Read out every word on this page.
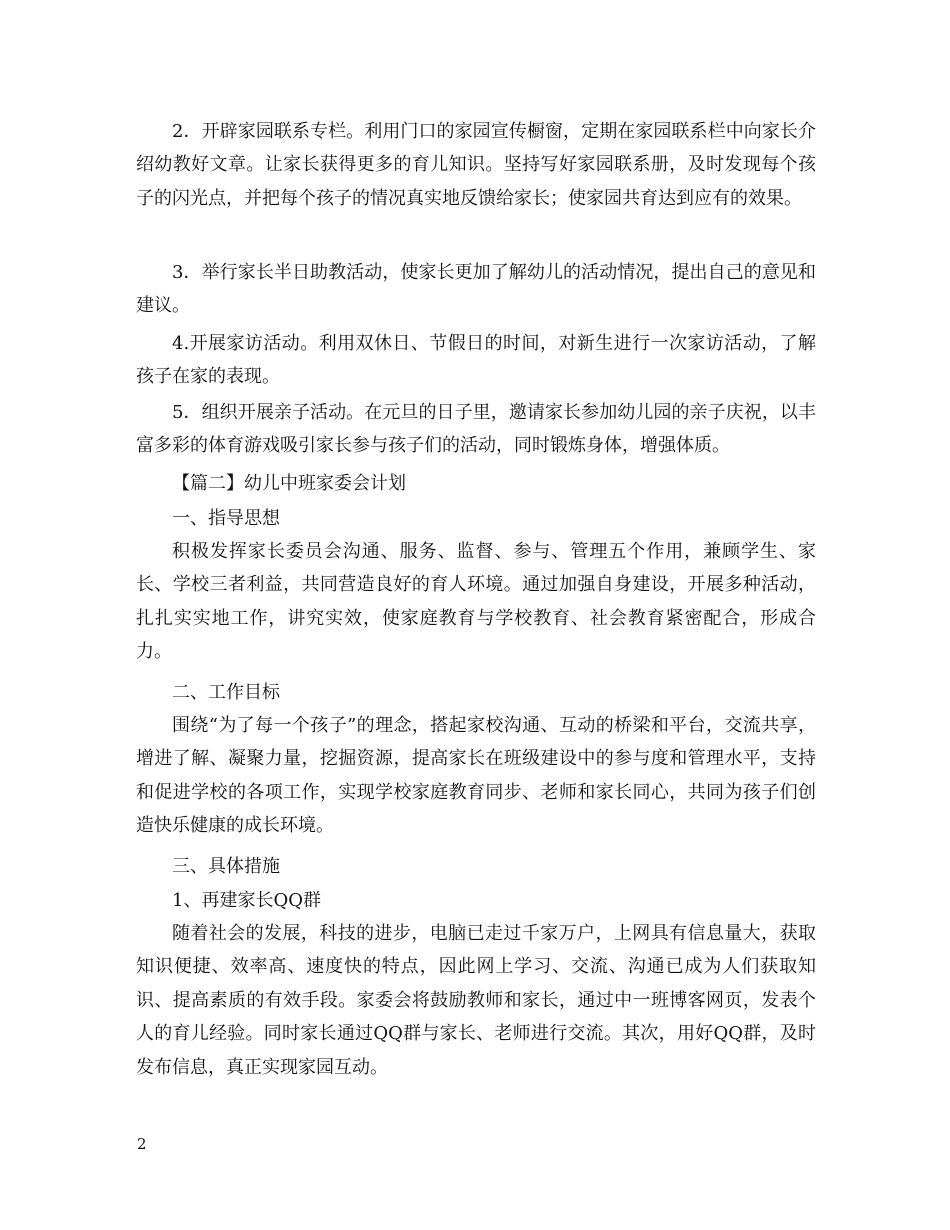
2．开辟家园联系专栏。利用门口的家园宣传橱窗，定期在家园联系栏中向家长介绍幼教好文章。让家长获得更多的育儿知识。坚持写好家园联系册，及时发现每个孩子的闪光点，并把每个孩子的情况真实地反馈给家长；使家园共育达到应有的效果。

3．举行家长半日助教活动，使家长更加了解幼儿的活动情况，提出自己的意见和建议。

4.开展家访活动。利用双休日、节假日的时间，对新生进行一次家访活动，了解孩子在家的表现。

5．组织开展亲子活动。在元旦的日子里，邀请家长参加幼儿园的亲子庆祝，以丰富多彩的体育游戏吸引家长参与孩子们的活动，同时锻炼身体，增强体质。

【篇二】幼儿中班家委会计划

一、指导思想

积极发挥家长委员会沟通、服务、监督、参与、管理五个作用，兼顾学生、家长、学校三者利益，共同营造良好的育人环境。通过加强自身建设，开展多种活动，扎扎实实地工作，讲究实效，使家庭教育与学校教育、社会教育紧密配合，形成合力。

二、工作目标

围绕“为了每一个孩子”的理念，搭起家校沟通、互动的桥梁和平台，交流共享，增进了解、凝聚力量，挖掘资源，提高家长在班级建设中的参与度和管理水平，支持和促进学校的各项工作，实现学校家庭教育同步、老师和家长同心，共同为孩子们创造快乐健康的成长环境。

三、具体措施

1、再建家长QQ群

随着社会的发展，科技的进步，电脑已走过千家万户，上网具有信息量大，获取知识便捷、效率高、速度快的特点，因此网上学习、交流、沟通已成为人们获取知识、提高素质的有效手段。家委会将鼓励教师和家长，通过中一班博客网页，发表个人的育儿经验。同时家长通过QQ群与家长、老师进行交流。其次，用好QQ群，及时发布信息，真正实现家园互动。

2
